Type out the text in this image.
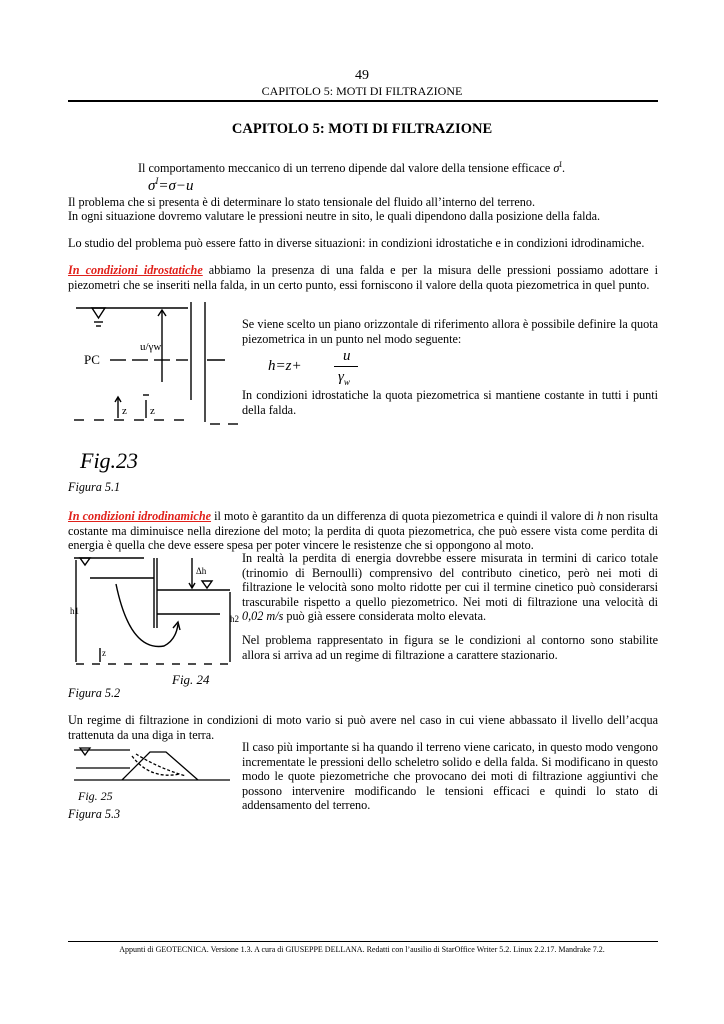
49
CAPITOLO 5: MOTI DI FILTRAZIONE
CAPITOLO 5: MOTI DI FILTRAZIONE
Il comportamento meccanico di un terreno dipende dal valore della tensione efficace $\sigma^I$.
$\sigma^I=\sigma-u$
Il problema che si presenta è di determinare lo stato tensionale del fluido all’interno del terreno.
In ogni situazione dovremo valutare le pressioni neutre in sito, le quali dipendono dalla posizione della falda.
Lo studio del problema può essere fatto in diverse situazioni: in condizioni idrostatiche e in condizioni idrodinamiche.
In condizioni idrostatiche abbiamo la presenza di una falda e per la misura delle pressioni possiamo adottare i piezometri che se inseriti nella falda, in un certo punto, essi forniscono il valore della quota piezometrica in quel punto.
PC
u/γw
z z
Fig.23
Se viene scelto un piano orizzontale di riferimento allora è possibile definire la quota piezometrica in un punto nel modo seguente:
h=z+
u
$\gamma_w$
In condizioni idrostatiche la quota piezometrica si mantiene costante in tutti i punti della falda.
Figura 5.1
In condizioni idrodinamiche il moto è garantito da un differenza di quota piezometrica e quindi il valore di h non risulta costante ma diminuisce nella direzione del moto; la perdita di quota piezometrica, che può essere vista come perdita di energia è quella che deve essere spesa per poter vincere le resistenze che si oppongono al moto.
h1
h2
Δh
z
Fig. 24
In realtà la perdita di energia dovrebbe essere misurata in termini di carico totale (trinomio di Bernoulli) comprensivo del contributo cinetico, però nei moti di filtrazione le velocità sono molto ridotte per cui il termine cinetico può considerarsi trascurabile rispetto a quello piezometrico. Nei moti di filtrazione una velocità di 0,02 m/s può già essere considerata molto elevata.
Nel problema rappresentato in figura se le condizioni al contorno sono stabilite allora si arriva ad un regime di filtrazione a carattere stazionario.
Figura 5.2
Un regime di filtrazione in condizioni di moto vario si può avere nel caso in cui viene abbassato il livello dell’acqua trattenuta da una diga in terra.
Fig. 25
Il caso più importante si ha quando il terreno viene caricato, in questo modo vengono incrementate le pressioni dello scheletro solido e della falda. Si modificano in questo modo le quote piezometriche che provocano dei moti di filtrazione aggiuntivi che possono intervenire modificando le tensioni efficaci e quindi lo stato di addensamento del terreno.
Figura 5.3
Appunti di GEOTECNICA. Versione 1.3. A cura di GIUSEPPE DELLANA. Redatti con l’ausilio di StarOffice Writer 5.2. Linux 2.2.17. Mandrake 7.2.
